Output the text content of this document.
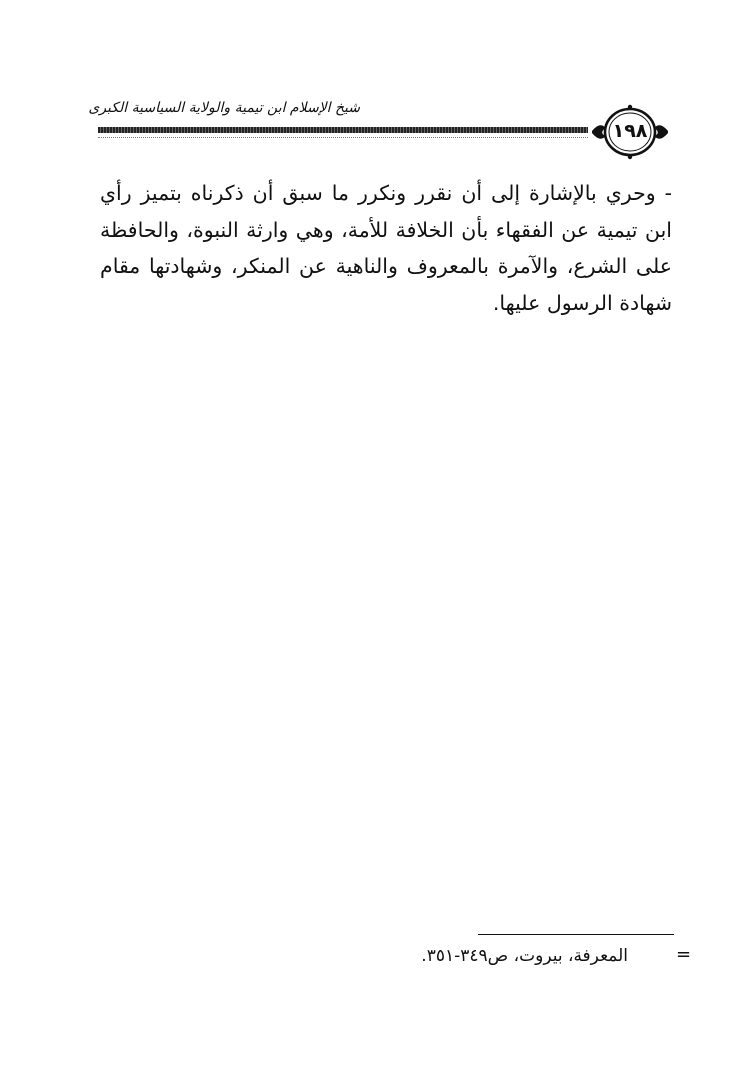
شيخ الإسلام ابن تيمية والولاية السياسية الكبرى
١٩٨
- وحري بالإشارة إلى أن نقرر ونكرر ما سبق أن ذكرناه بتميز رأي ابن تيمية عن الفقهاء بأن الخلافة للأمة، وهي وارثة النبوة، والحافظة على الشرع، والآمرة بالمعروف والناهية عن المنكر، وشهادتها مقام شهادة الرسول عليها.
=
المعرفة، بيروت، ص٣٤٩-٣٥١.
